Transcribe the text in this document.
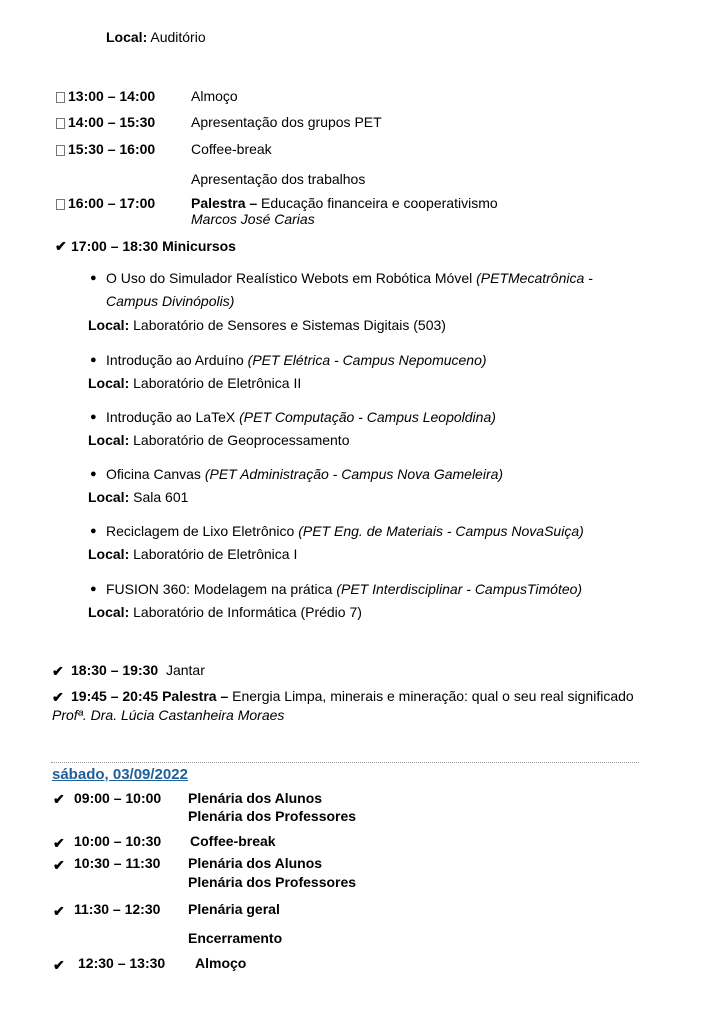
Local: Auditório
13:00 – 14:00	Almoço
14:00 – 15:30	Apresentação dos grupos PET
15:30 – 16:00	Coffee-break
Apresentação dos trabalhos
16:00 – 17:00	Palestra – Educação financeira e cooperativismo
Marcos José Carias
✔ 17:00 – 18:30 Minicursos
● O Uso do Simulador Realístico Webots em Robótica Móvel (PETMecatrônica -
Campus Divinópolis)
Local: Laboratório de Sensores e Sistemas Digitais (503)
● Introdução ao Arduíno (PET Elétrica - Campus Nepomuceno)
Local: Laboratório de Eletrônica II
● Introdução ao LaTeX (PET Computação - Campus Leopoldina)
Local: Laboratório de Geoprocessamento
● Oficina Canvas (PET Administração - Campus Nova Gameleira)
Local: Sala 601
● Reciclagem de Lixo Eletrônico (PET Eng. de Materiais - Campus NovaSuiça)
Local: Laboratório de Eletrônica I
● FUSION 360: Modelagem na prática (PET Interdisciplinar - CampusTimóteo)
Local: Laboratório de Informática (Prédio 7)
✔ 18:30 – 19:30 Jantar
✔ 19:45 – 20:45 Palestra – Energia Limpa, minerais e mineração: qual o seu real significado
Profª. Dra. Lúcia Castanheira Moraes
sábado, 03/09/2022
✔ 09:00 – 10:00 Plenária dos Alunos
Plenária dos Professores
✔ 10:00 – 10:30 Coffee-break
✔ 10:30 – 11:30 Plenária dos Alunos
Plenária dos Professores
✔ 11:30 – 12:30 Plenária geral
Encerramento
✔ 12:30 – 13:30 Almoço
